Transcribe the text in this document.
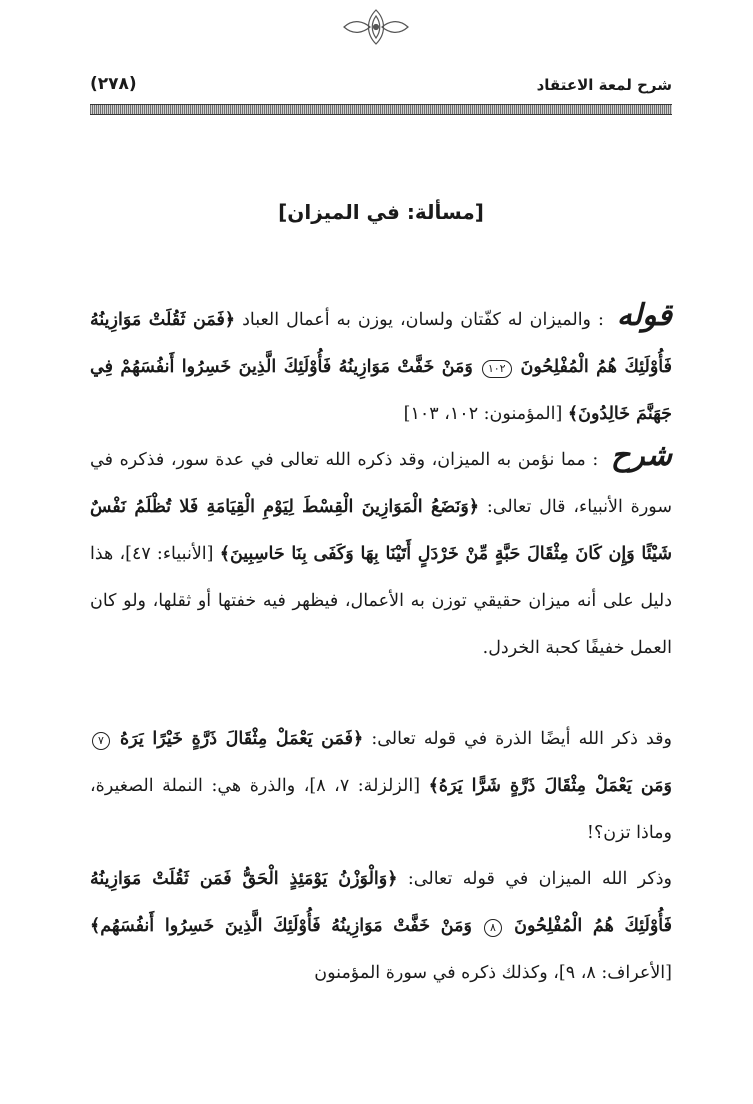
شرح لمعة الاعتقاد
(٢٧٨)
[مسألة: في الميزان]

قوله : والميزان له كفّتان ولسان، يوزن به أعمال العباد ﴿فَمَن ثَقُلَتْ مَوَازِينُهُ فَأُوْلَئِكَ هُمُ الْمُفْلِحُونَ ١٠٢ وَمَنْ خَفَّتْ مَوَازِينُهُ فَأُوْلَئِكَ الَّذِينَ خَسِرُوا أَنفُسَهُمْ فِي جَهَنَّمَ خَالِدُونَ﴾ [المؤمنون: ١٠٢، ١٠٣]

شرح : مما نؤمن به الميزان، وقد ذكره الله تعالى في عدة سور، فذكره في سورة الأنبياء، قال تعالى: ﴿وَنَضَعُ الْمَوَازِينَ الْقِسْطَ لِيَوْمِ الْقِيَامَةِ فَلا تُظْلَمُ نَفْسٌ شَيْئًا وَإِن كَانَ مِثْقَالَ حَبَّةٍ مِّنْ خَرْدَلٍ أَتَيْنَا بِهَا وَكَفَى بِنَا حَاسِبِينَ﴾ [الأنبياء: ٤٧]، هذا دليل على أنه ميزان حقيقي توزن به الأعمال، فيظهر فيه خفتها أو ثقلها، ولو كان العمل خفيفًا كحبة الخردل.

وقد ذكر الله أيضًا الذرة في قوله تعالى: ﴿فَمَن يَعْمَلْ مِثْقَالَ ذَرَّةٍ خَيْرًا يَرَهُ ٧ وَمَن يَعْمَلْ مِثْقَالَ ذَرَّةٍ شَرًّا يَرَهُ﴾ [الزلزلة: ٧، ٨]، والذرة هي: النملة الصغيرة، وماذا تزن؟!

وذكر الله الميزان في قوله تعالى: ﴿وَالْوَزْنُ يَوْمَئِذٍ الْحَقُّ فَمَن ثَقُلَتْ مَوَازِينُهُ فَأُوْلَئِكَ هُمُ الْمُفْلِحُونَ ٨ وَمَنْ خَفَّتْ مَوَازِينُهُ فَأُوْلَئِكَ الَّذِينَ خَسِرُوا أَنفُسَهُم﴾ [الأعراف: ٨، ٩]، وكذلك ذكره في سورة المؤمنون
